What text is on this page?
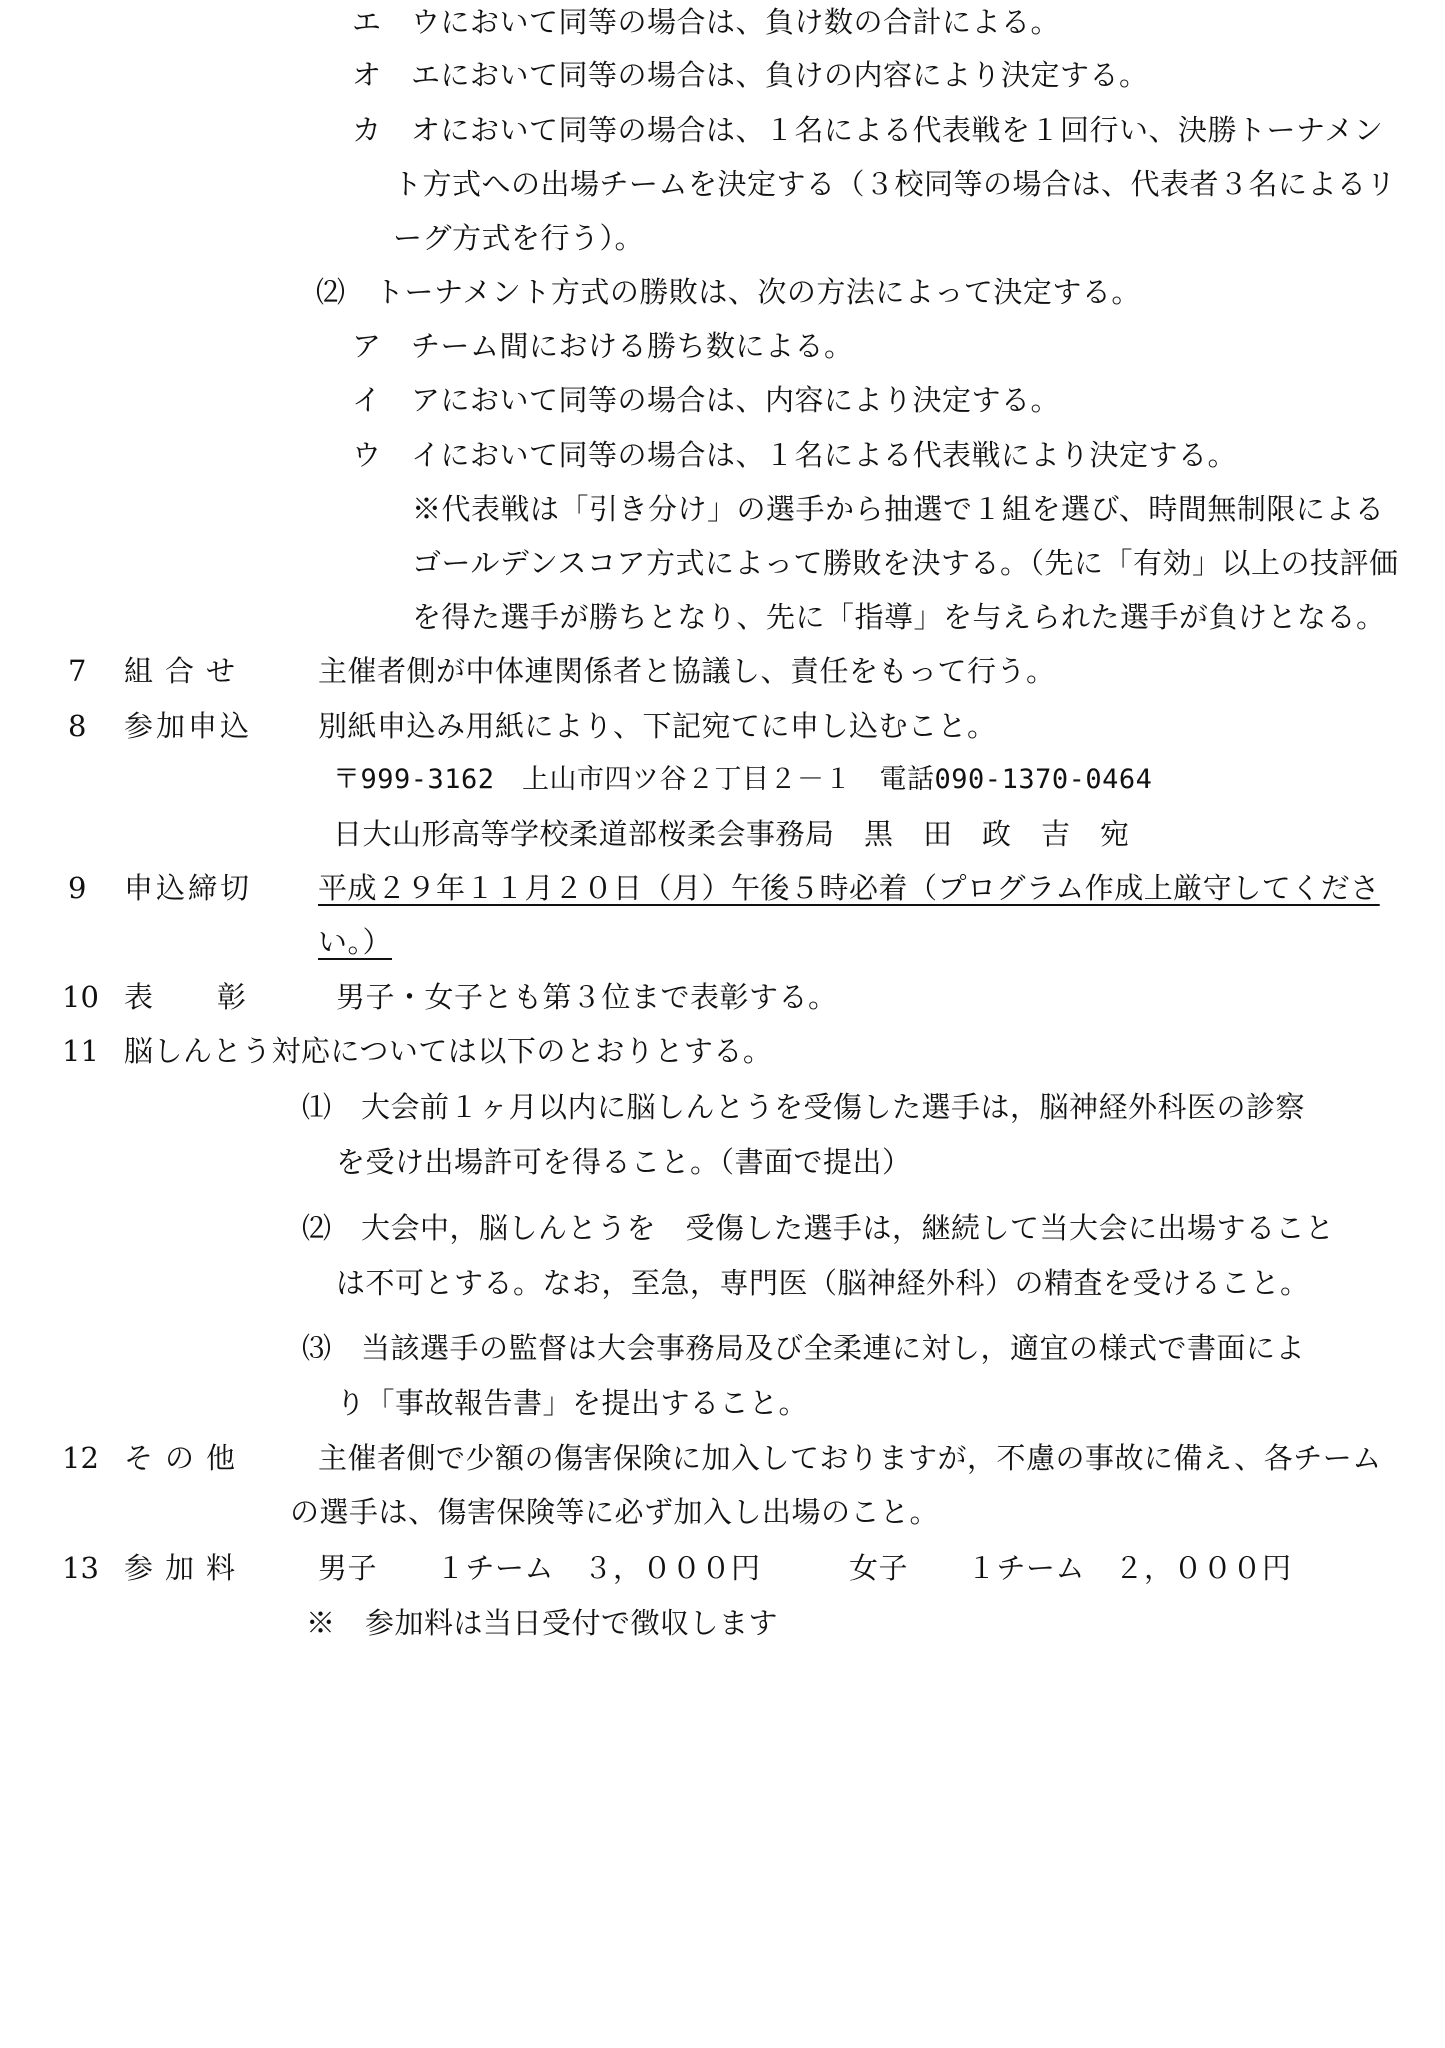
エ　ウにおいて同等の場合は、負け数の合計による。
オ　エにおいて同等の場合は、負けの内容により決定する。
カ　オにおいて同等の場合は、１名による代表戦を１回行い、決勝トーナメン
ト方式への出場チームを決定する（３校同等の場合は、代表者３名によるリ
ーグ方式を行う）。
⑵　トーナメント方式の勝敗は、次の方法によって決定する。
ア　チーム間における勝ち数による。
イ　アにおいて同等の場合は、内容により決定する。
ウ　イにおいて同等の場合は、１名による代表戦により決定する。
※代表戦は「引き分け」の選手から抽選で１組を選び、時間無制限による
ゴールデンスコア方式によって勝敗を決する。（先に「有効」以上の技評価
を得た選手が勝ちとなり、先に「指導」を与えられた選手が負けとなる。
7 組合せ 主催者側が中体連関係者と協議し、責任をもって行う。
8 参加申込 別紙申込み用紙により、下記宛てに申し込むこと。
〒999-3162　上山市四ツ谷２丁目２－１　電話090-1370-0464
日大山形高等学校柔道部桜柔会事務局　黒　田　政　吉　宛
9 申込締切 平成２９年１１月２０日（月）午後５時必着（プログラム作成上厳守してくださ
い。）
10 表　　彰	男子・女子とも第３位まで表彰する。
11 脳しんとう対応については以下のとおりとする。
⑴　大会前１ヶ月以内に脳しんとうを受傷した選手は，脳神経外科医の診察
を受け出場許可を得ること。（書面で提出）
⑵　大会中，脳しんとうを　受傷した選手は，継続して当大会に出場すること
は不可とする。なお，至急，専門医（脳神経外科）の精査を受けること。
⑶　当該選手の監督は大会事務局及び全柔連に対し，適宜の様式で書面によ
り「事故報告書」を提出すること。
12 その他 主催者側で少額の傷害保険に加入しておりますが，不慮の事故に備え、各チーム
の選手は、傷害保険等に必ず加入し出場のこと。
13 参加料 男子　　１チーム　３，０００円　　　女子　　１チーム　２，０００円
※　参加料は当日受付で徴収します
